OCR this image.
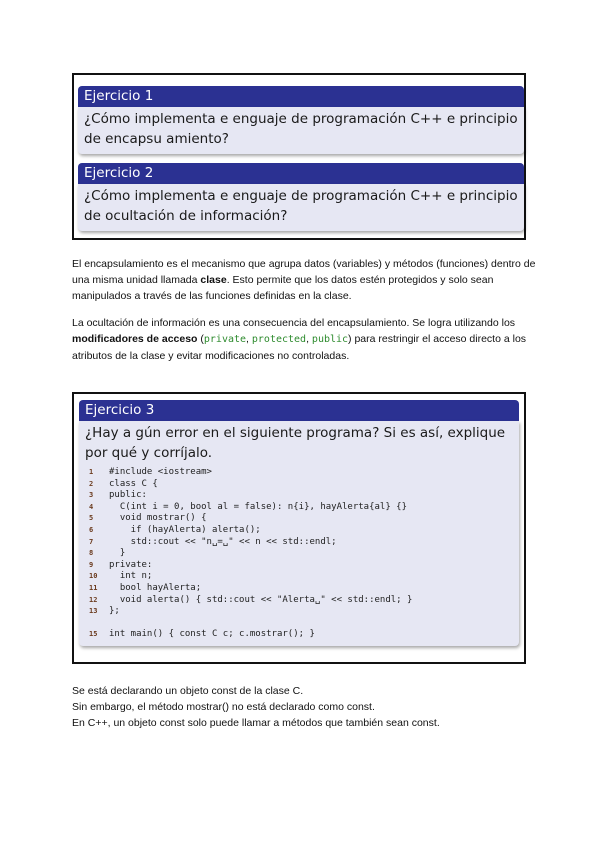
Ejercicio 1
¿Cómo implementa e enguaje de programación C++ e principio de encapsu amiento?
Ejercicio 2
¿Cómo implementa e enguaje de programación C++ e principio de ocultación de información?
El encapsulamiento es el mecanismo que agrupa datos (variables) y métodos (funciones) dentro de una misma unidad llamada clase. Esto permite que los datos estén protegidos y solo sean manipulados a través de las funciones definidas en la clase.
La ocultación de información es una consecuencia del encapsulamiento. Se logra utilizando los modificadores de acceso (private, protected, public) para restringir el acceso directo a los atributos de la clase y evitar modificaciones no controladas.
Ejercicio 3
¿Hay a gún error en el siguiente programa? Si es así, explique por qué y corríjalo.
1	#include <iostream>
2	class C {
3	public:
4	C(int i = 0, bool al = false): n{i}, hayAlerta{al} {}
5	void mostrar() {
6	if (hayAlerta) alerta();
7	std::cout << "n␣=␣" << n << std::endl;
8	}
9	private:
10	int n;
11	bool hayAlerta;
12	void alerta() { std::cout << "Alerta␣" << std::endl; }
13	};
15	int main() { const C c; c.mostrar(); }
Se está declarando un objeto const de la clase C.
Sin embargo, el método mostrar() no está declarado como const.
En C++, un objeto const solo puede llamar a métodos que también sean const.
